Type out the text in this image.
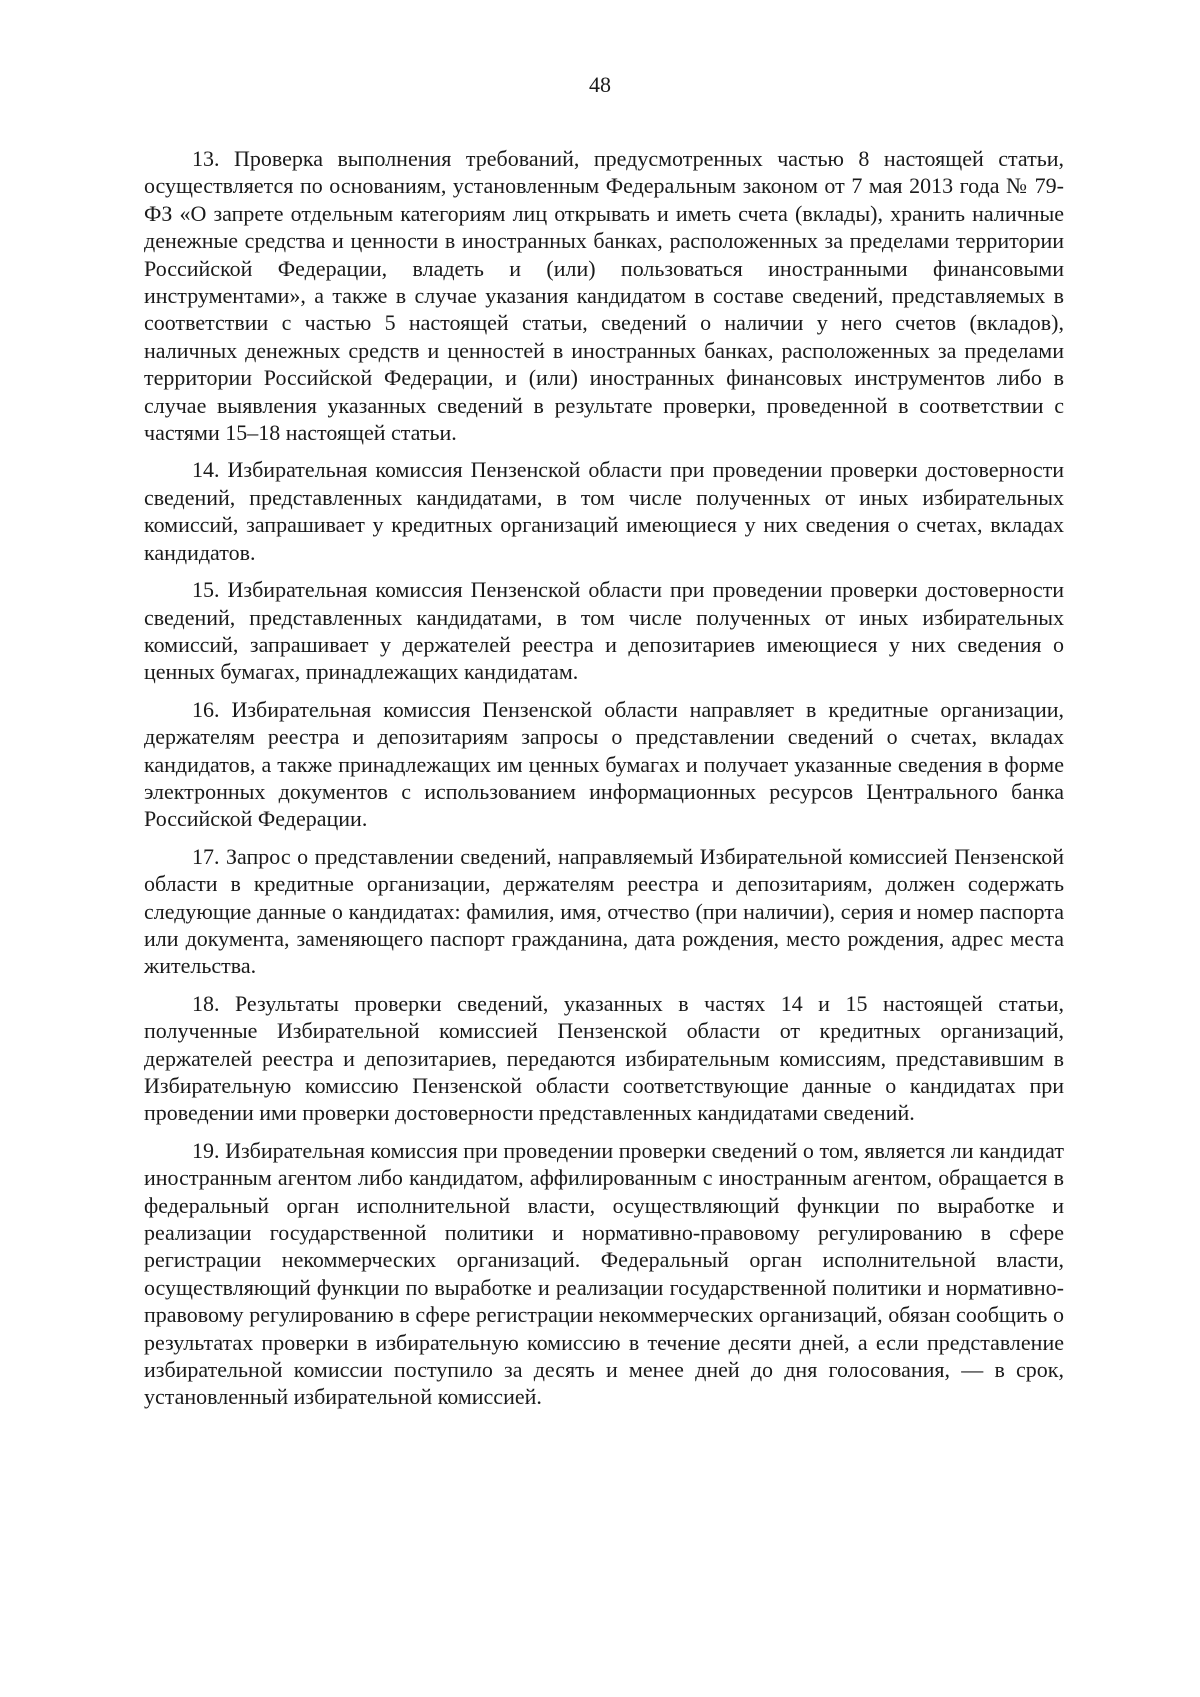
48

13. Проверка выполнения требований, предусмотренных частью 8 настоящей статьи, осуществляется по основаниям, установленным Федеральным законом от 7 мая 2013 года № 79-ФЗ «О запрете отдельным категориям лиц открывать и иметь счета (вклады), хранить наличные денежные средства и ценности в иностранных банках, расположенных за пределами территории Российской Федерации, владеть и (или) пользоваться иностранными финансовыми инструментами», а также в случае указания кандидатом в составе сведений, представляемых в соответствии с частью 5 настоящей статьи, сведений о наличии у него счетов (вкладов), наличных денежных средств и ценностей в иностранных банках, расположенных за пределами территории Российской Федерации, и (или) иностранных финансовых инструментов либо в случае выявления указанных сведений в результате проверки, проведенной в соответствии с частями 15–18 настоящей статьи.

14. Избирательная комиссия Пензенской области при проведении проверки достоверности сведений, представленных кандидатами, в том числе полученных от иных избирательных комиссий, запрашивает у кредитных организаций имеющиеся у них сведения о счетах, вкладах кандидатов.

15. Избирательная комиссия Пензенской области при проведении проверки достоверности сведений, представленных кандидатами, в том числе полученных от иных избирательных комиссий, запрашивает у держателей реестра и депозитариев имеющиеся у них сведения о ценных бумагах, принадлежащих кандидатам.

16. Избирательная комиссия Пензенской области направляет в кредитные организации, держателям реестра и депозитариям запросы о представлении сведений о счетах, вкладах кандидатов, а также принадлежащих им ценных бумагах и получает указанные сведения в форме электронных документов с использованием информационных ресурсов Центрального банка Российской Федерации.

17. Запрос о представлении сведений, направляемый Избирательной комиссией Пензенской области в кредитные организации, держателям реестра и депозитариям, должен содержать следующие данные о кандидатах: фамилия, имя, отчество (при наличии), серия и номер паспорта или документа, заменяющего паспорт гражданина, дата рождения, место рождения, адрес места жительства.

18. Результаты проверки сведений, указанных в частях 14 и 15 настоящей статьи, полученные Избирательной комиссией Пензенской области от кредитных организаций, держателей реестра и депозитариев, передаются избирательным комиссиям, представившим в Избирательную комиссию Пензенской области соответствующие данные о кандидатах при проведении ими проверки достоверности представленных кандидатами сведений.

19. Избирательная комиссия при проведении проверки сведений о том, является ли кандидат иностранным агентом либо кандидатом, аффилированным с иностранным агентом, обращается в федеральный орган исполнительной власти, осуществляющий функции по выработке и реализации государственной политики и нормативно-правовому регулированию в сфере регистрации некоммерческих организаций. Федеральный орган исполнительной власти, осуществляющий функции по выработке и реализации государственной политики и нормативно-правовому регулированию в сфере регистрации некоммерческих организаций, обязан сообщить о результатах проверки в избирательную комиссию в течение десяти дней, а если представление избирательной комиссии поступило за десять и менее дней до дня голосования, — в срок, установленный избирательной комиссией.
